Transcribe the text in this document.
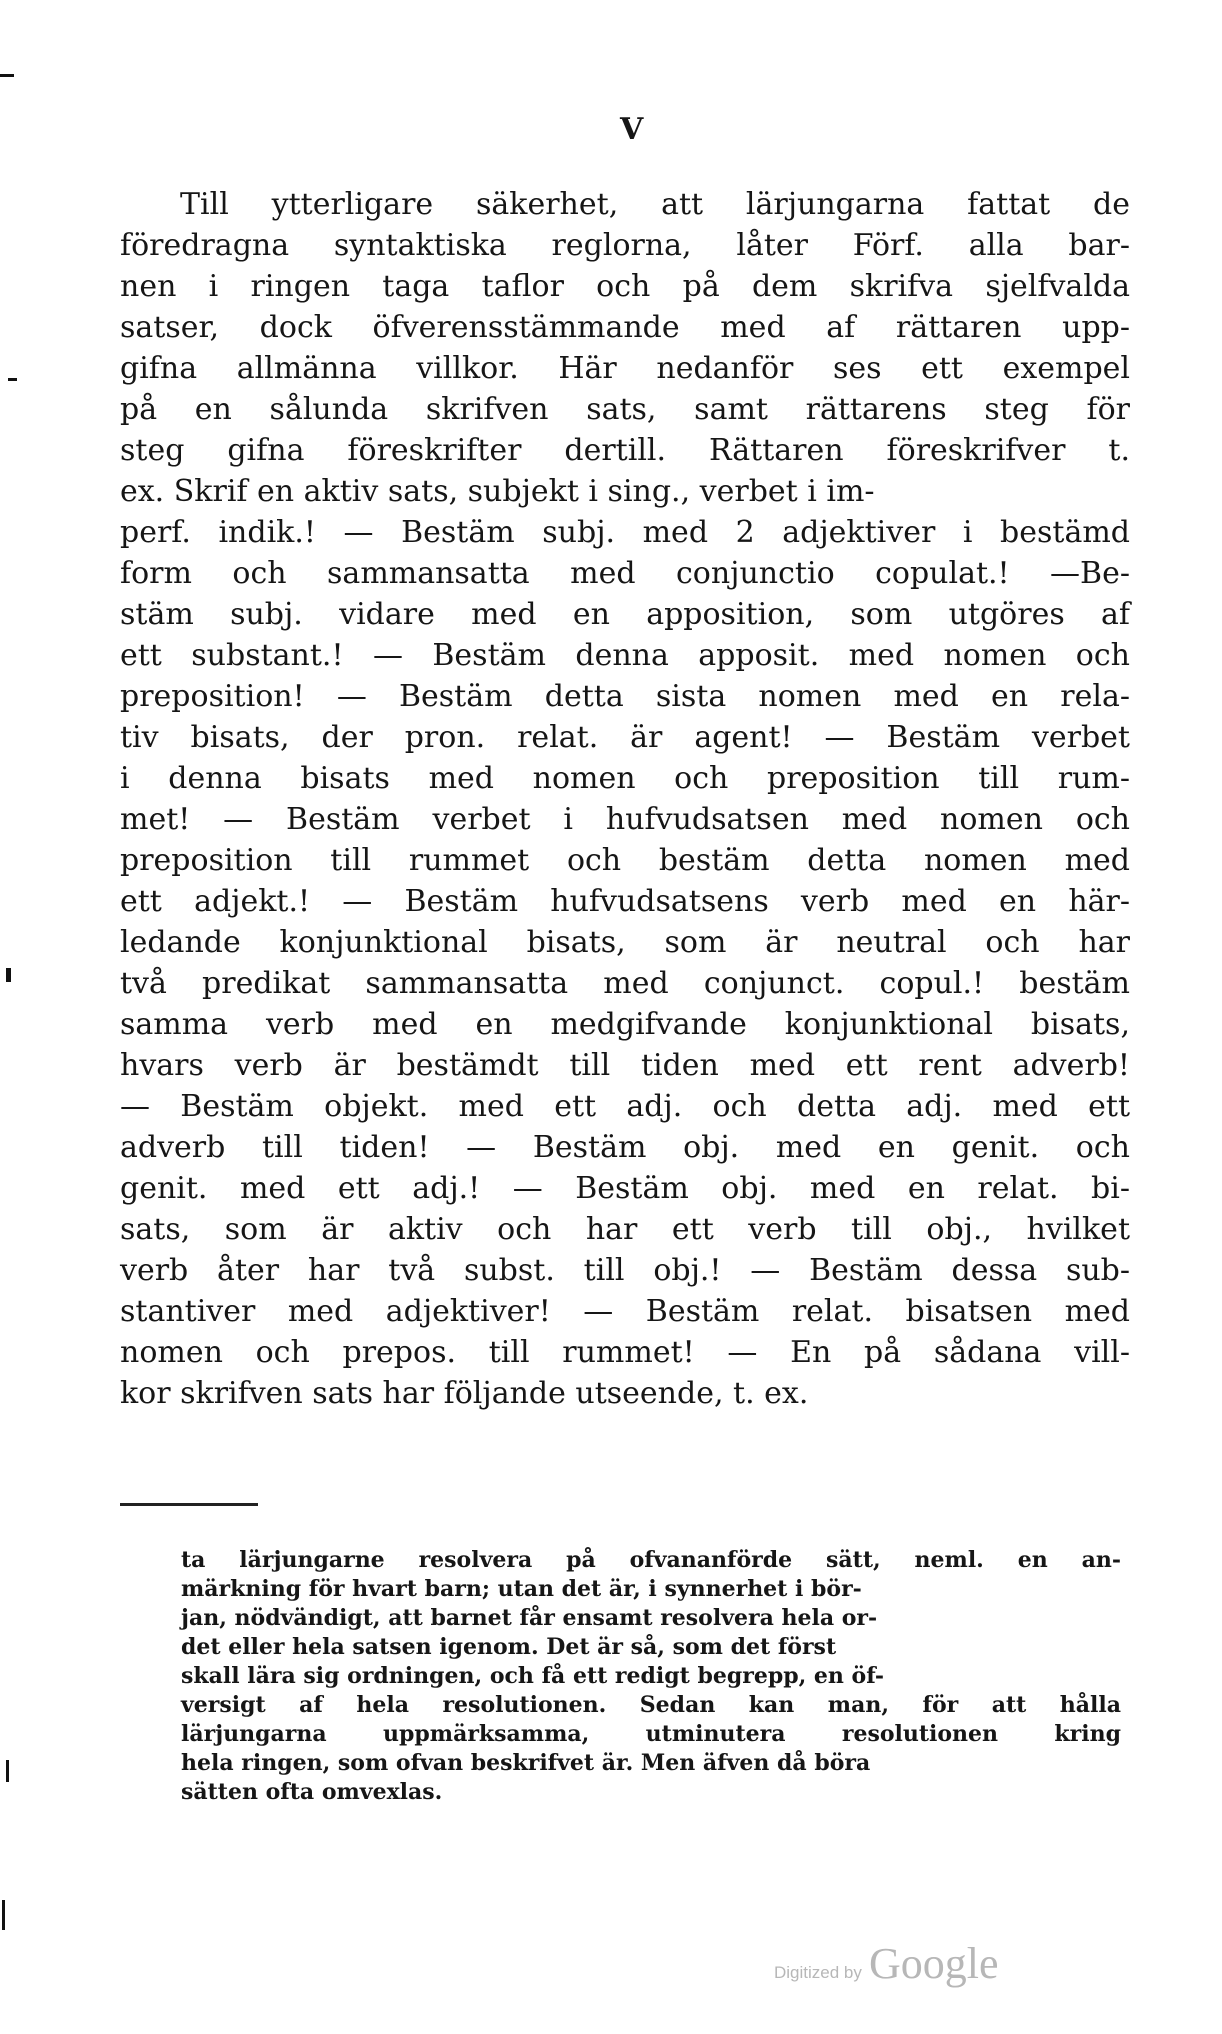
V
Till ytterligare säkerhet, att lärjungarna fattat de
föredragna syntaktiska reglorna, låter Förf. alla bar-
nen i ringen taga taflor och på dem skrifva sjelfvalda
satser, dock öfverensstämmande med af rättaren upp-
gifna allmänna villkor. Här nedanför ses ett exempel
på en sålunda skrifven sats, samt rättarens steg för
steg gifna föreskrifter dertill. Rättaren föreskrifver t.
ex. Skrif en aktiv sats, subjekt i sing., verbet i im-
perf. indik.! — Bestäm subj. med 2 adjektiver i bestämd
form och sammansatta med conjunctio copulat.! —Be-
stäm subj. vidare med en apposition, som utgöres af
ett substant.! — Bestäm denna apposit. med nomen och
preposition! — Bestäm detta sista nomen med en rela-
tiv bisats, der pron. relat. är agent! — Bestäm verbet
i denna bisats med nomen och preposition till rum-
met! — Bestäm verbet i hufvudsatsen med nomen och
preposition till rummet och bestäm detta nomen med
ett adjekt.! — Bestäm hufvudsatsens verb med en här-
ledande konjunktional bisats, som är neutral och har
två predikat sammansatta med conjunct. copul.! bestäm
samma verb med en medgifvande konjunktional bisats,
hvars verb är bestämdt till tiden med ett rent adverb!
— Bestäm objekt. med ett adj. och detta adj. med ett
adverb till tiden! — Bestäm obj. med en genit. och
genit. med ett adj.! — Bestäm obj. med en relat. bi-
sats, som är aktiv och har ett verb till obj., hvilket
verb åter har två subst. till obj.! — Bestäm dessa sub-
stantiver med adjektiver! — Bestäm relat. bisatsen med
nomen och prepos. till rummet! — En på sådana vill-
kor skrifven sats har följande utseende, t. ex.
ta lärjungarne resolvera på ofvananförde sätt, neml. en an-
märkning för hvart barn; utan det är, i synnerhet i bör-
jan, nödvändigt, att barnet får ensamt resolvera hela or-
det eller hela satsen igenom. Det är så, som det först
skall lära sig ordningen, och få ett redigt begrepp, en öf-
versigt af hela resolutionen. Sedan kan man, för att hålla
lärjungarna uppmärksamma, utminutera resolutionen kring
hela ringen, som ofvan beskrifvet är. Men äfven då böra
sätten ofta omvexlas.
Digitized by Google
